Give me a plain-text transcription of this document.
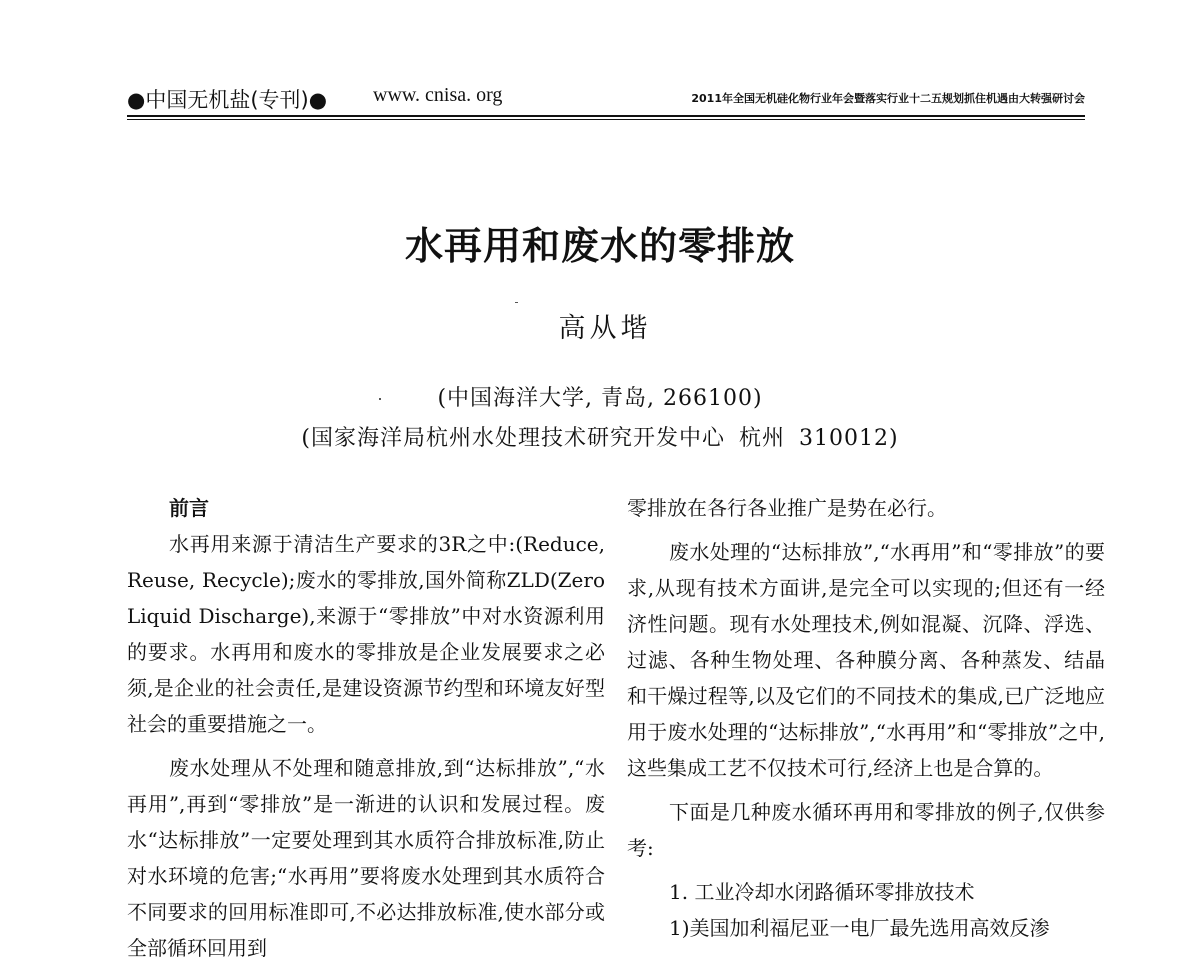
●中国无机盐(专刊)● www. cnisa. org	2011年全国无机硅化物行业年会暨落实行业十二五规划抓住机遇由大转强研讨会
水再用和废水的零排放
高从堦
(中国海洋大学, 青岛, 266100)
(国家海洋局杭州水处理技术研究开发中心 杭州 310012)

前言

水再用来源于清洁生产要求的3R之中:(Reduce, Reuse, Recycle);废水的零排放,国外简称ZLD(Zero Liquid Discharge),来源于“零排放”中对水资源利用的要求。水再用和废水的零排放是企业发展要求之必须,是企业的社会责任,是建设资源节约型和环境友好型社会的重要措施之一。

废水处理从不处理和随意排放,到“达标排放”,“水再用”,再到“零排放”是一渐进的认识和发展过程。废水“达标排放”一定要处理到其水质符合排放标准,防止对水环境的危害;“水再用”要将废水处理到其水质符合不同要求的回用标准即可,不必达排放标准,使水部分或全部循环回用到

零排放在各行各业推广是势在必行。

废水处理的“达标排放”,“水再用”和“零排放”的要求,从现有技术方面讲,是完全可以实现的;但还有一经济性问题。现有水处理技术,例如混凝、沉降、浮选、过滤、各种生物处理、各种膜分离、各种蒸发、结晶和干燥过程等,以及它们的不同技术的集成,已广泛地应用于废水处理的“达标排放”,“水再用”和“零排放”之中,这些集成工艺不仅技术可行,经济上也是合算的。

下面是几种废水循环再用和零排放的例子,仅供参考:

1. 工业冷却水闭路循环零排放技术

1)美国加利福尼亚一电厂最先选用高效反渗
